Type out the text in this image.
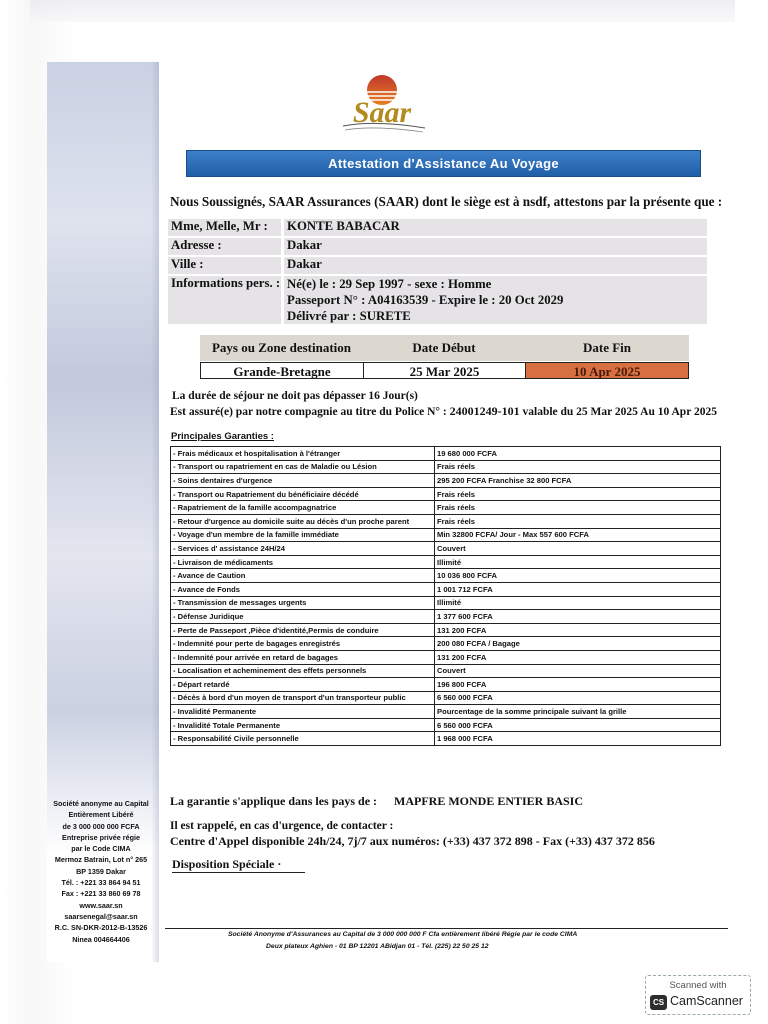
Saar
Attestation d'Assistance Au Voyage
Nous Soussignés, SAAR Assurances (SAAR) dont le siège est à nsdf, attestons par la présente que :
Mme, Melle, Mr :	KONTE BABACAR
Adresse :	Dakar
Ville :	Dakar
Informations pers. : Né(e) le : 29 Sep 1997 - sexe : Homme
Passeport N° : A04163539 - Expire le : 20 Oct 2029
Délivré par : SURETE
Pays ou Zone destination	Date Début	Date Fin
Grande-Bretagne	25 Mar 2025	10 Apr 2025
La durée de séjour ne doit pas dépasser 16 Jour(s)
Est assuré(e) par notre compagnie au titre du Police N° : 24001249-101 valable du 25 Mar 2025 Au 10 Apr 2025
Principales Garanties :
- Frais médicaux et hospitalisation à l'étranger	19 680 000 FCFA
- Transport ou rapatriement en cas de Maladie ou Lésion	Frais réels
- Soins dentaires d'urgence	295 200 FCFA Franchise 32 800 FCFA
- Transport ou Rapatriement du bénéficiaire décédé	Frais réels
- Rapatriement de la famille accompagnatrice	Frais réels
- Retour d'urgence au domicile suite au décès d'un proche parent	Frais réels
- Voyage d'un membre de la famille immédiate	Min 32800 FCFA/ Jour - Max 557 600 FCFA
- Services d' assistance 24H/24	Couvert
- Livraison de médicaments	Illimité
- Avance de Caution	10 036 800 FCFA
- Avance de Fonds	1 001 712 FCFA
- Transmission de messages urgents	Illimité
- Défense Juridique	1 377 600 FCFA
- Perte de Passeport ,Pièce d'identité,Permis de conduire	131 200 FCFA
- Indemnité pour perte de bagages enregistrés	200 080 FCFA / Bagage
- Indemnité pour arrivée en retard de bagages	131 200 FCFA
- Localisation et acheminement des effets personnels	Couvert
- Départ retardé	196 800 FCFA
- Décès à bord d'un moyen de transport d'un transporteur public	6 560 000 FCFA
- Invalidité Permanente	Pourcentage de la somme principale suivant la grille
- Invalidité Totale Permanente	6 560 000 FCFA
- Responsabilité Civile personnelle	1 968 000 FCFA
La garantie s'applique dans les pays de : MAPFRE MONDE ENTIER BASIC
Il est rappelé, en cas d'urgence, de contacter :
Centre d'Appel disponible 24h/24, 7j/7 aux numéros: (+33) 437 372 898 - Fax (+33) 437 372 856
Disposition Spéciale ·
Société anonyme au Capital
Entièrement Libéré
de 3 000 000 000 FCFA
Entreprise privée régie
par le Code CIMA
Mermoz Batrain, Lot n° 265
BP 1359 Dakar
Tél. : +221 33 864 94 51
Fax : +221 33 860 69 78
www.saar.sn
saarsenegal@saar.sn
R.C. SN-DKR-2012-B-13526
Ninea 004664406
Société Anonyme d'Assurances au Capital de 3 000 000 000 F Cfa entièrement libéré Régie par le code CIMA
Deux plateux Aghien - 01 BP 12201 ABidjan 01 - Tél. (225) 22 50 25 12
Scanned with
CS CamScanner
